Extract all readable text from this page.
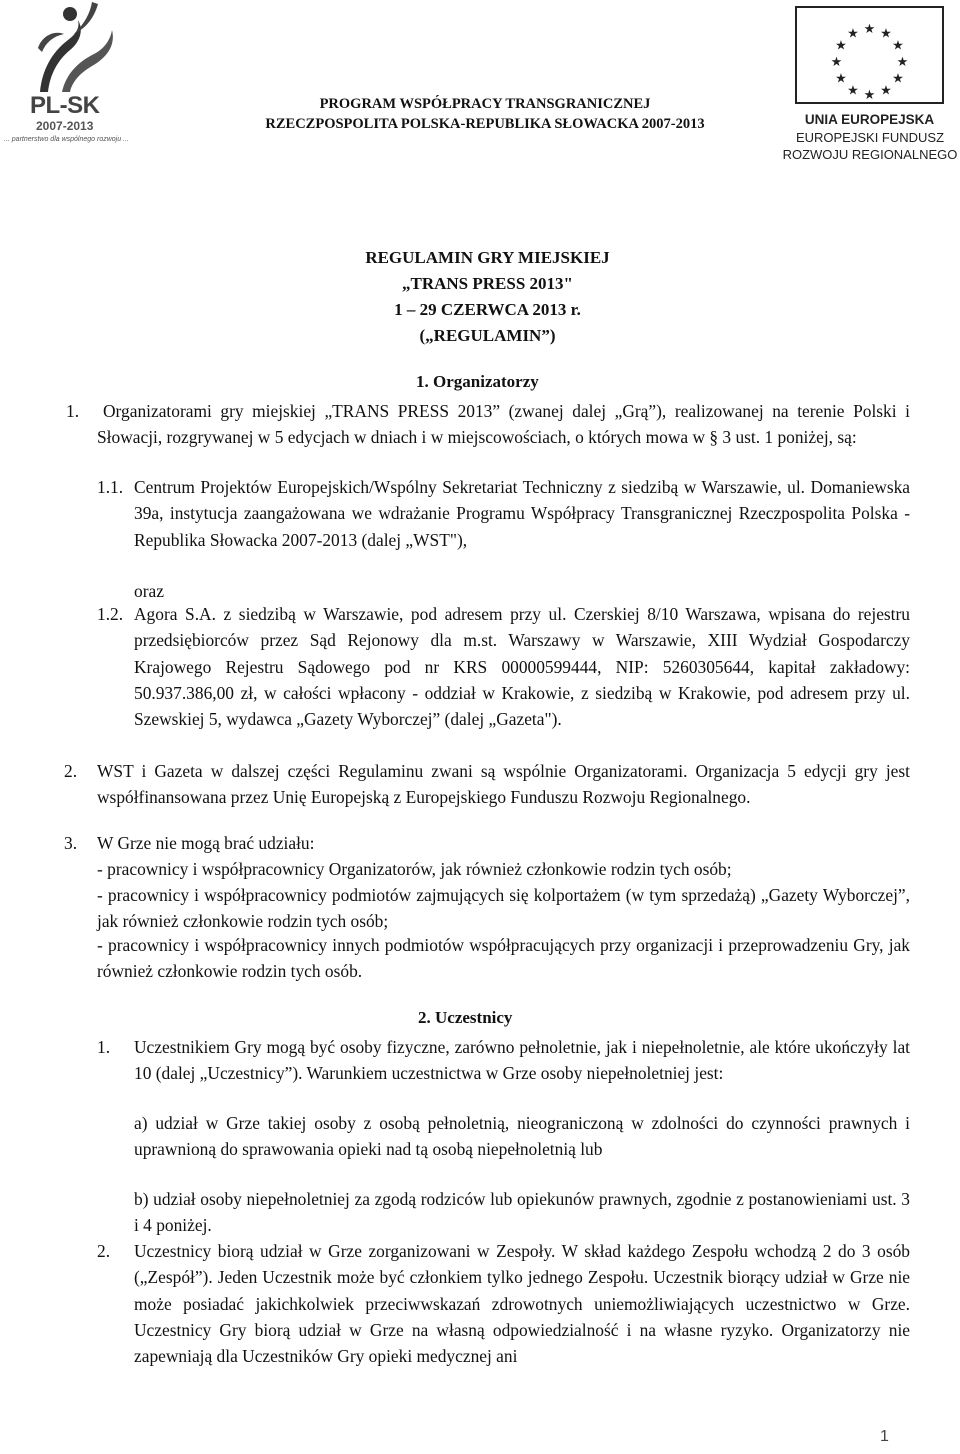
PL-SK
2007-2013
... partnerstwo dla wspólnego rozwoju ...
PROGRAM WSPÓŁPRACY TRANSGRANICZNEJ
RZECZPOSPOLITA POLSKA-REPUBLIKA SŁOWACKA 2007-2013
★ ★
★
★
★
★
★
★
★
★
★
★
UNIA EUROPEJSKA
EUROPEJSKI FUNDUSZ
ROZWOJU REGIONALNEGO
REGULAMIN GRY MIEJSKIEJ
„TRANS PRESS 2013"
1 – 29 CZERWCA 2013 r.
(„REGULAMIN”)
1. Organizatorzy
1.	Organizatorami gry miejskiej „TRANS PRESS 2013” (zwanej dalej „Grą”), realizowanej na terenie Polski i Słowacji, rozgrywanej w 5 edycjach w dniach i w miejscowościach, o których mowa w § 3 ust. 1 poniżej, są:
1.1. Centrum Projektów Europejskich/Wspólny Sekretariat Techniczny z siedzibą w Warszawie, ul. Domaniewska 39a, instytucja zaangażowana we wdrażanie Programu Współpracy Transgranicznej Rzeczpospolita Polska - Republika Słowacka 2007-2013 (dalej „WST"),
oraz
1.2. Agora S.A. z siedzibą w Warszawie, pod adresem przy ul. Czerskiej 8/10 Warszawa, wpisana do rejestru przedsiębiorców przez Sąd Rejonowy dla m.st. Warszawy w Warszawie, XIII Wydział Gospodarczy Krajowego Rejestru Sądowego pod nr KRS 00000599444, NIP: 5260305644, kapitał zakładowy: 50.937.386,00 zł, w całości wpłacony - oddział w Krakowie, z siedzibą w Krakowie, pod adresem przy ul. Szewskiej 5, wydawca „Gazety Wyborczej” (dalej „Gazeta").
2. WST i Gazeta w dalszej części Regulaminu zwani są wspólnie Organizatorami. Organizacja 5 edycji gry jest współfinansowana przez Unię Europejską z Europejskiego Funduszu Rozwoju Regionalnego.
3. W Grze nie mogą brać udziału:
- pracownicy i współpracownicy Organizatorów, jak również członkowie rodzin tych osób;
- pracownicy i współpracownicy podmiotów zajmujących się kolportażem (w tym sprzedażą) „Gazety Wyborczej”, jak również członkowie rodzin tych osób;
- pracownicy i współpracownicy innych podmiotów współpracujących przy organizacji i przeprowadzeniu Gry, jak również członkowie rodzin tych osób.
2. Uczestnicy
1. Uczestnikiem Gry mogą być osoby fizyczne, zarówno pełnoletnie, jak i niepełnoletnie, ale które ukończyły lat 10 (dalej „Uczestnicy”). Warunkiem uczestnictwa w Grze osoby niepełnoletniej jest:
a) udział w Grze takiej osoby z osobą pełnoletnią, nieograniczoną w zdolności do czynności prawnych i uprawnioną do sprawowania opieki nad tą osobą niepełnoletnią lub
b) udział osoby niepełnoletniej za zgodą rodziców lub opiekunów prawnych, zgodnie z postanowieniami ust. 3 i 4 poniżej.
2. Uczestnicy biorą udział w Grze zorganizowani w Zespoły. W skład każdego Zespołu wchodzą 2 do 3 osób („Zespół”). Jeden Uczestnik może być członkiem tylko jednego Zespołu. Uczestnik biorący udział w Grze nie może posiadać jakichkolwiek przeciwwskazań zdrowotnych uniemożliwiających uczestnictwo w Grze. Uczestnicy Gry biorą udział w Grze na własną odpowiedzialność i na własne ryzyko. Organizatorzy nie zapewniają dla Uczestników Gry opieki medycznej ani
1
